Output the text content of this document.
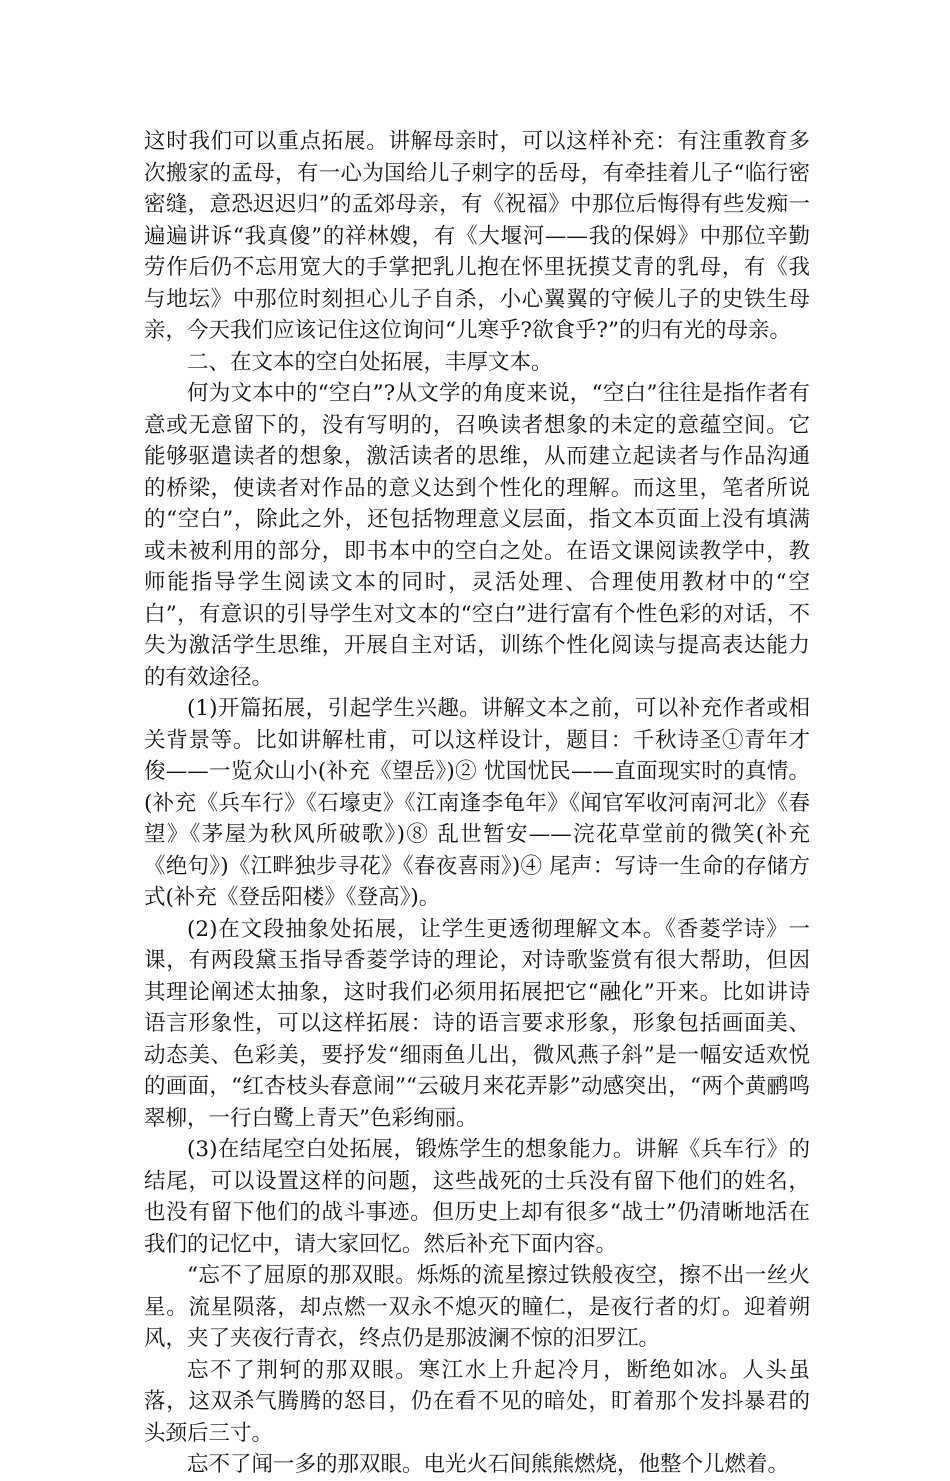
这时我们可以重点拓展。讲解母亲时，可以这样补充：有注重教育多次搬家的孟母，有一心为国给儿子刺字的岳母，有牵挂着儿子“临行密密缝，意恐迟迟归”的孟郊母亲，有《祝福》中那位后悔得有些发痴一遍遍讲诉“我真傻”的祥林嫂，有《大堰河——我的保姆》中那位辛勤劳作后仍不忘用宽大的手掌把乳儿抱在怀里抚摸艾青的乳母，有《我与地坛》中那位时刻担心儿子自杀，小心翼翼的守候儿子的史铁生母亲，今天我们应该记住这位询问“儿寒乎?欲食乎?”的归有光的母亲。

二、在文本的空白处拓展，丰厚文本。

何为文本中的“空白”?从文学的角度来说，“空白”往往是指作者有意或无意留下的，没有写明的，召唤读者想象的未定的意蕴空间。它能够驱遣读者的想象，激活读者的思维，从而建立起读者与作品沟通的桥梁，使读者对作品的意义达到个性化的理解。而这里，笔者所说的“空白”，除此之外，还包括物理意义层面，指文本页面上没有填满或未被利用的部分，即书本中的空白之处。在语文课阅读教学中，教师能指导学生阅读文本的同时，灵活处理、合理使用教材中的“空白”，有意识的引导学生对文本的“空白”进行富有个性色彩的对话，不失为激活学生思维，开展自主对话，训练个性化阅读与提高表达能力的有效途径。

(1)开篇拓展，引起学生兴趣。讲解文本之前，可以补充作者或相关背景等。比如讲解杜甫，可以这样设计，题目：千秋诗圣①青年才俊——一览众山小(补充《望岳》)② 忧国忧民——直面现实时的真情。(补充《兵车行》《石壕吏》《江南逢李龟年》《闻官军收河南河北》《春望》《茅屋为秋风所破歌》)⑧ 乱世暂安——浣花草堂前的微笑(补充《绝句》)《江畔独步寻花》《春夜喜雨》)④ 尾声：写诗一生命的存储方式(补充《登岳阳楼》《登高》)。

(2)在文段抽象处拓展，让学生更透彻理解文本。《香菱学诗》一课，有两段黛玉指导香菱学诗的理论，对诗歌鉴赏有很大帮助，但因其理论阐述太抽象，这时我们必须用拓展把它“融化”开来。比如讲诗语言形象性，可以这样拓展：诗的语言要求形象，形象包括画面美、动态美、色彩美，要抒发“细雨鱼儿出，微风燕子斜”是一幅安适欢悦的画面，“红杏枝头春意闹”“云破月来花弄影”动感突出，“两个黄鹂鸣翠柳，一行白鹭上青天”色彩绚丽。

(3)在结尾空白处拓展，锻炼学生的想象能力。讲解《兵车行》的结尾，可以设置这样的问题，这些战死的士兵没有留下他们的姓名，也没有留下他们的战斗事迹。但历史上却有很多“战士”仍清晰地活在我们的记忆中，请大家回忆。然后补充下面内容。

“忘不了屈原的那双眼。烁烁的流星擦过铁般夜空，擦不出一丝火星。流星陨落，却点燃一双永不熄灭的瞳仁，是夜行者的灯。迎着朔风，夹了夹夜行青衣，终点仍是那波澜不惊的汨罗江。

忘不了荆轲的那双眼。寒江水上升起冷月，断绝如冰。人头虽落，这双杀气腾腾的怒目，仍在看不见的暗处，盯着那个发抖暴君的头颈后三寸。

忘不了闻一多的那双眼。电光火石间熊熊燃烧，他整个儿燃着。
